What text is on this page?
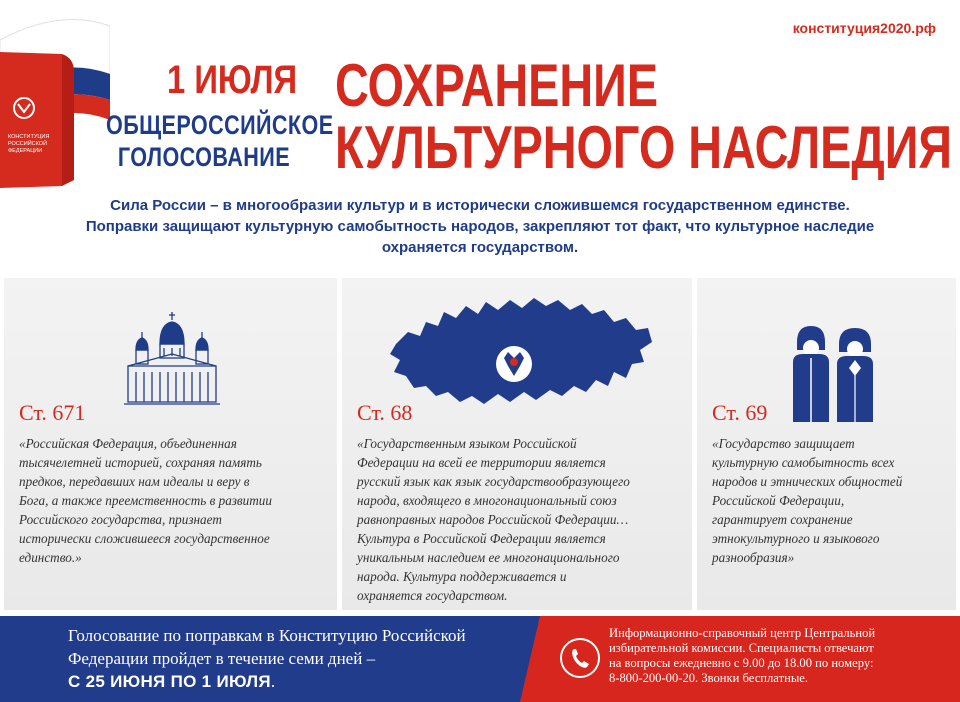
КОНСТИТУЦИЯ
РОССИЙСКОЙ
ФЕДЕРАЦИИ
1 ИЮЛЯ
ОБЩЕРОССИЙСКОЕ
ГОЛОСОВАНИЕ
конституция2020.рф
СОХРАНЕНИЕ
КУЛЬТУРНОГО НАСЛЕДИЯ
Сила России – в многообразии культур и в исторически сложившемся государственном единстве.
Поправки защищают культурную самобытность народов, закрепляют тот факт, что культурное наследие
охраняется государством.
Ст. 671
«Российская Федерация, объединенная
тысячелетней историей, сохраняя память
предков, передавших нам идеалы и веру в
Бога, а также преемственность в развитии
Российского государства, признает
исторически сложившееся государственное
единство.»
Ст. 68
«Государственным языком Российской
Федерации на всей ее территории является
русский язык как язык государствообразующего
народа, входящего в многонациональный союз
равноправных народов Российской Федерации…
Культура в Российской Федерации является
уникальным наследием ее многонационального
народа. Культура поддерживается и
охраняется государством.
Ст. 69
«Государство защищает
культурную самобытность всех
народов и этнических общностей
Российской Федерации,
гарантирует сохранение
этнокультурного и языкового
разнообразия»
Голосование по поправкам в Конституцию Российской
Федерации пройдет в течение семи дней –
С 25 ИЮНЯ ПО 1 ИЮЛЯ.
Информационно-справочный центр Центральной
избирательной комиссии. Специалисты отвечают
на вопросы ежедневно с 9.00 до 18.00 по номеру:
8-800-200-00-20. Звонки бесплатные.
